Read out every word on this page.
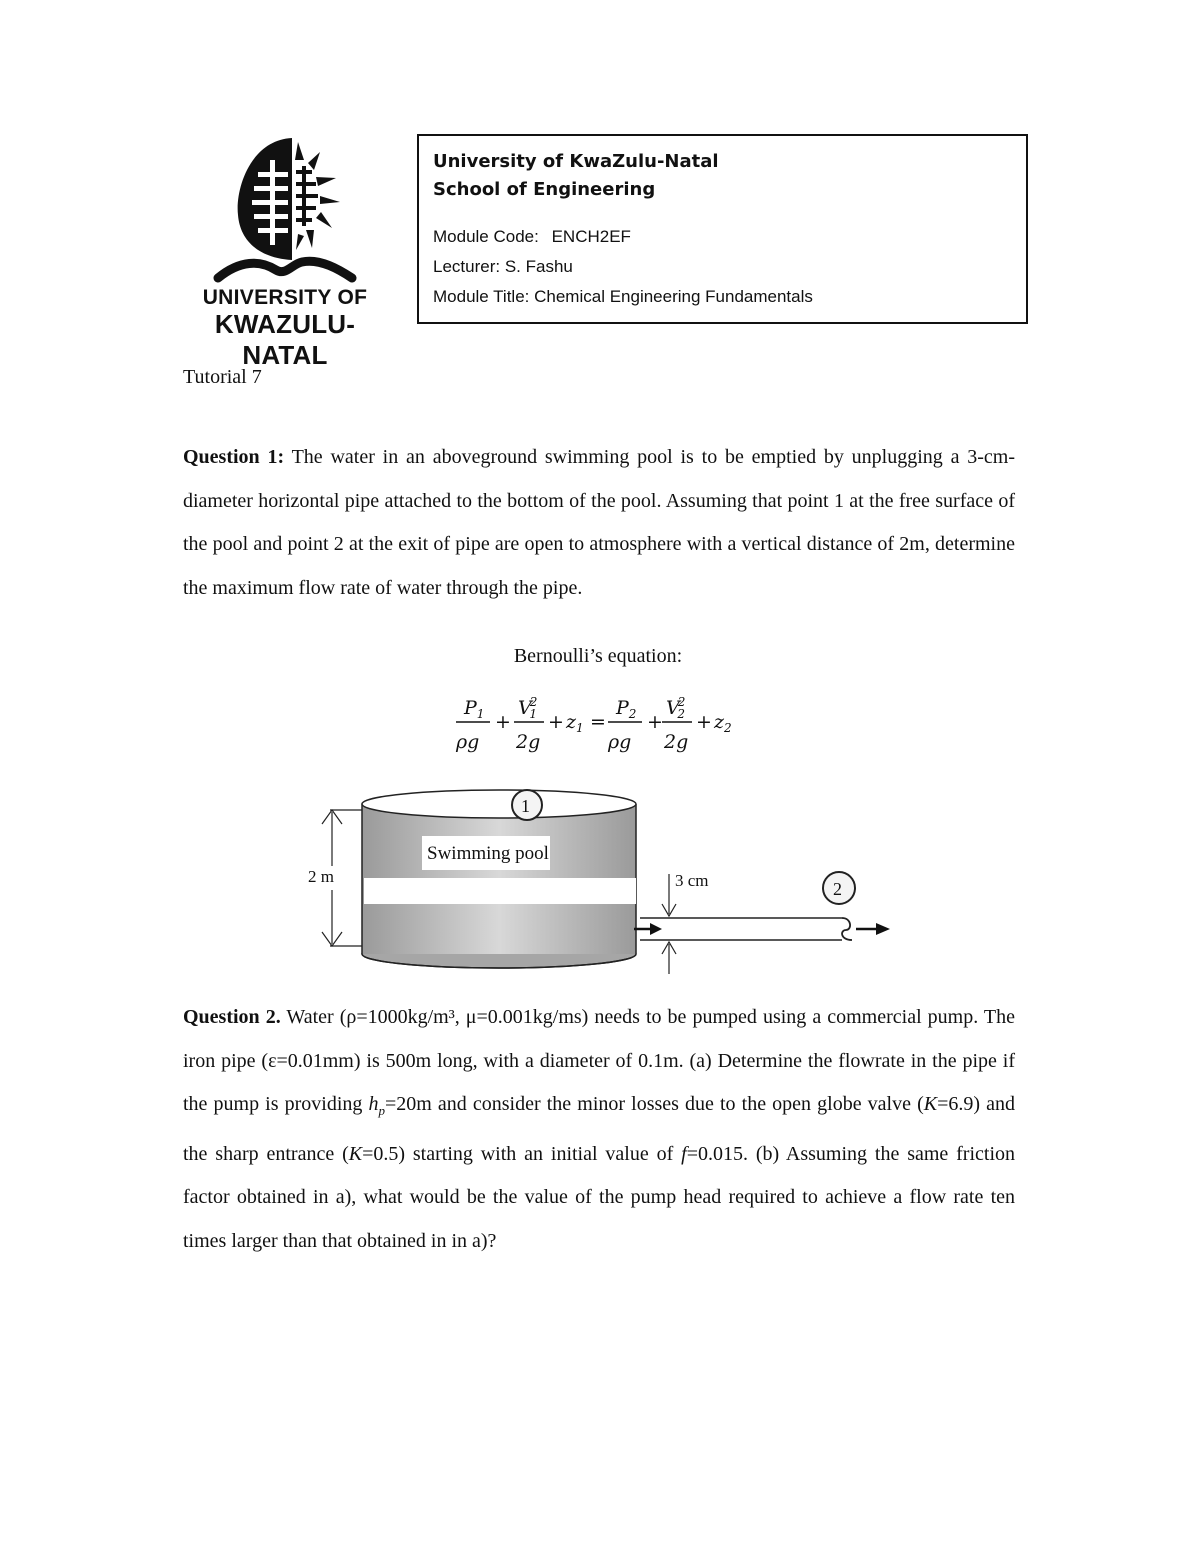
UNIVERSITY OF
KWAZULU-NATAL
University of KwaZulu-Natal
School of Engineering
Module Code: ENCH2EF
Lecturer: S. Fashu
Module Title: Chemical Engineering Fundamentals
Tutorial 7
Question 1: The water in an aboveground swimming pool is to be emptied by unplugging a 3-cm- diameter horizontal pipe attached to the bottom of the pool. Assuming that point 1 at the free surface of the pool and point 2 at the exit of pipe are open to atmosphere with a vertical distance of 2m, determine the maximum flow rate of water through the pipe.
Bernoulli’s equation:
$P_1$
ρg
+
V2 1
2g
+ $z_1$ =
$P_2$
ρg
+
V2 2
2g
+ $z_2$
Swimming pool
1
2 m	3 cm	2
Question 2. Water (ρ=1000kg/m³, μ=0.001kg/ms) needs to be pumped using a commercial pump. The iron pipe (ε=0.01mm) is 500m long, with a diameter of 0.1m. (a) Determine the flowrate in the pipe if the pump is providing $h_p=20m$ and consider the minor losses due to the open globe valve (K=6.9) and the sharp entrance (K=0.5) starting with an initial value of f=0.015. (b) Assuming the same friction factor obtained in a), what would be the value of the pump head required to achieve a flow rate ten times larger than that obtained in in a)?
